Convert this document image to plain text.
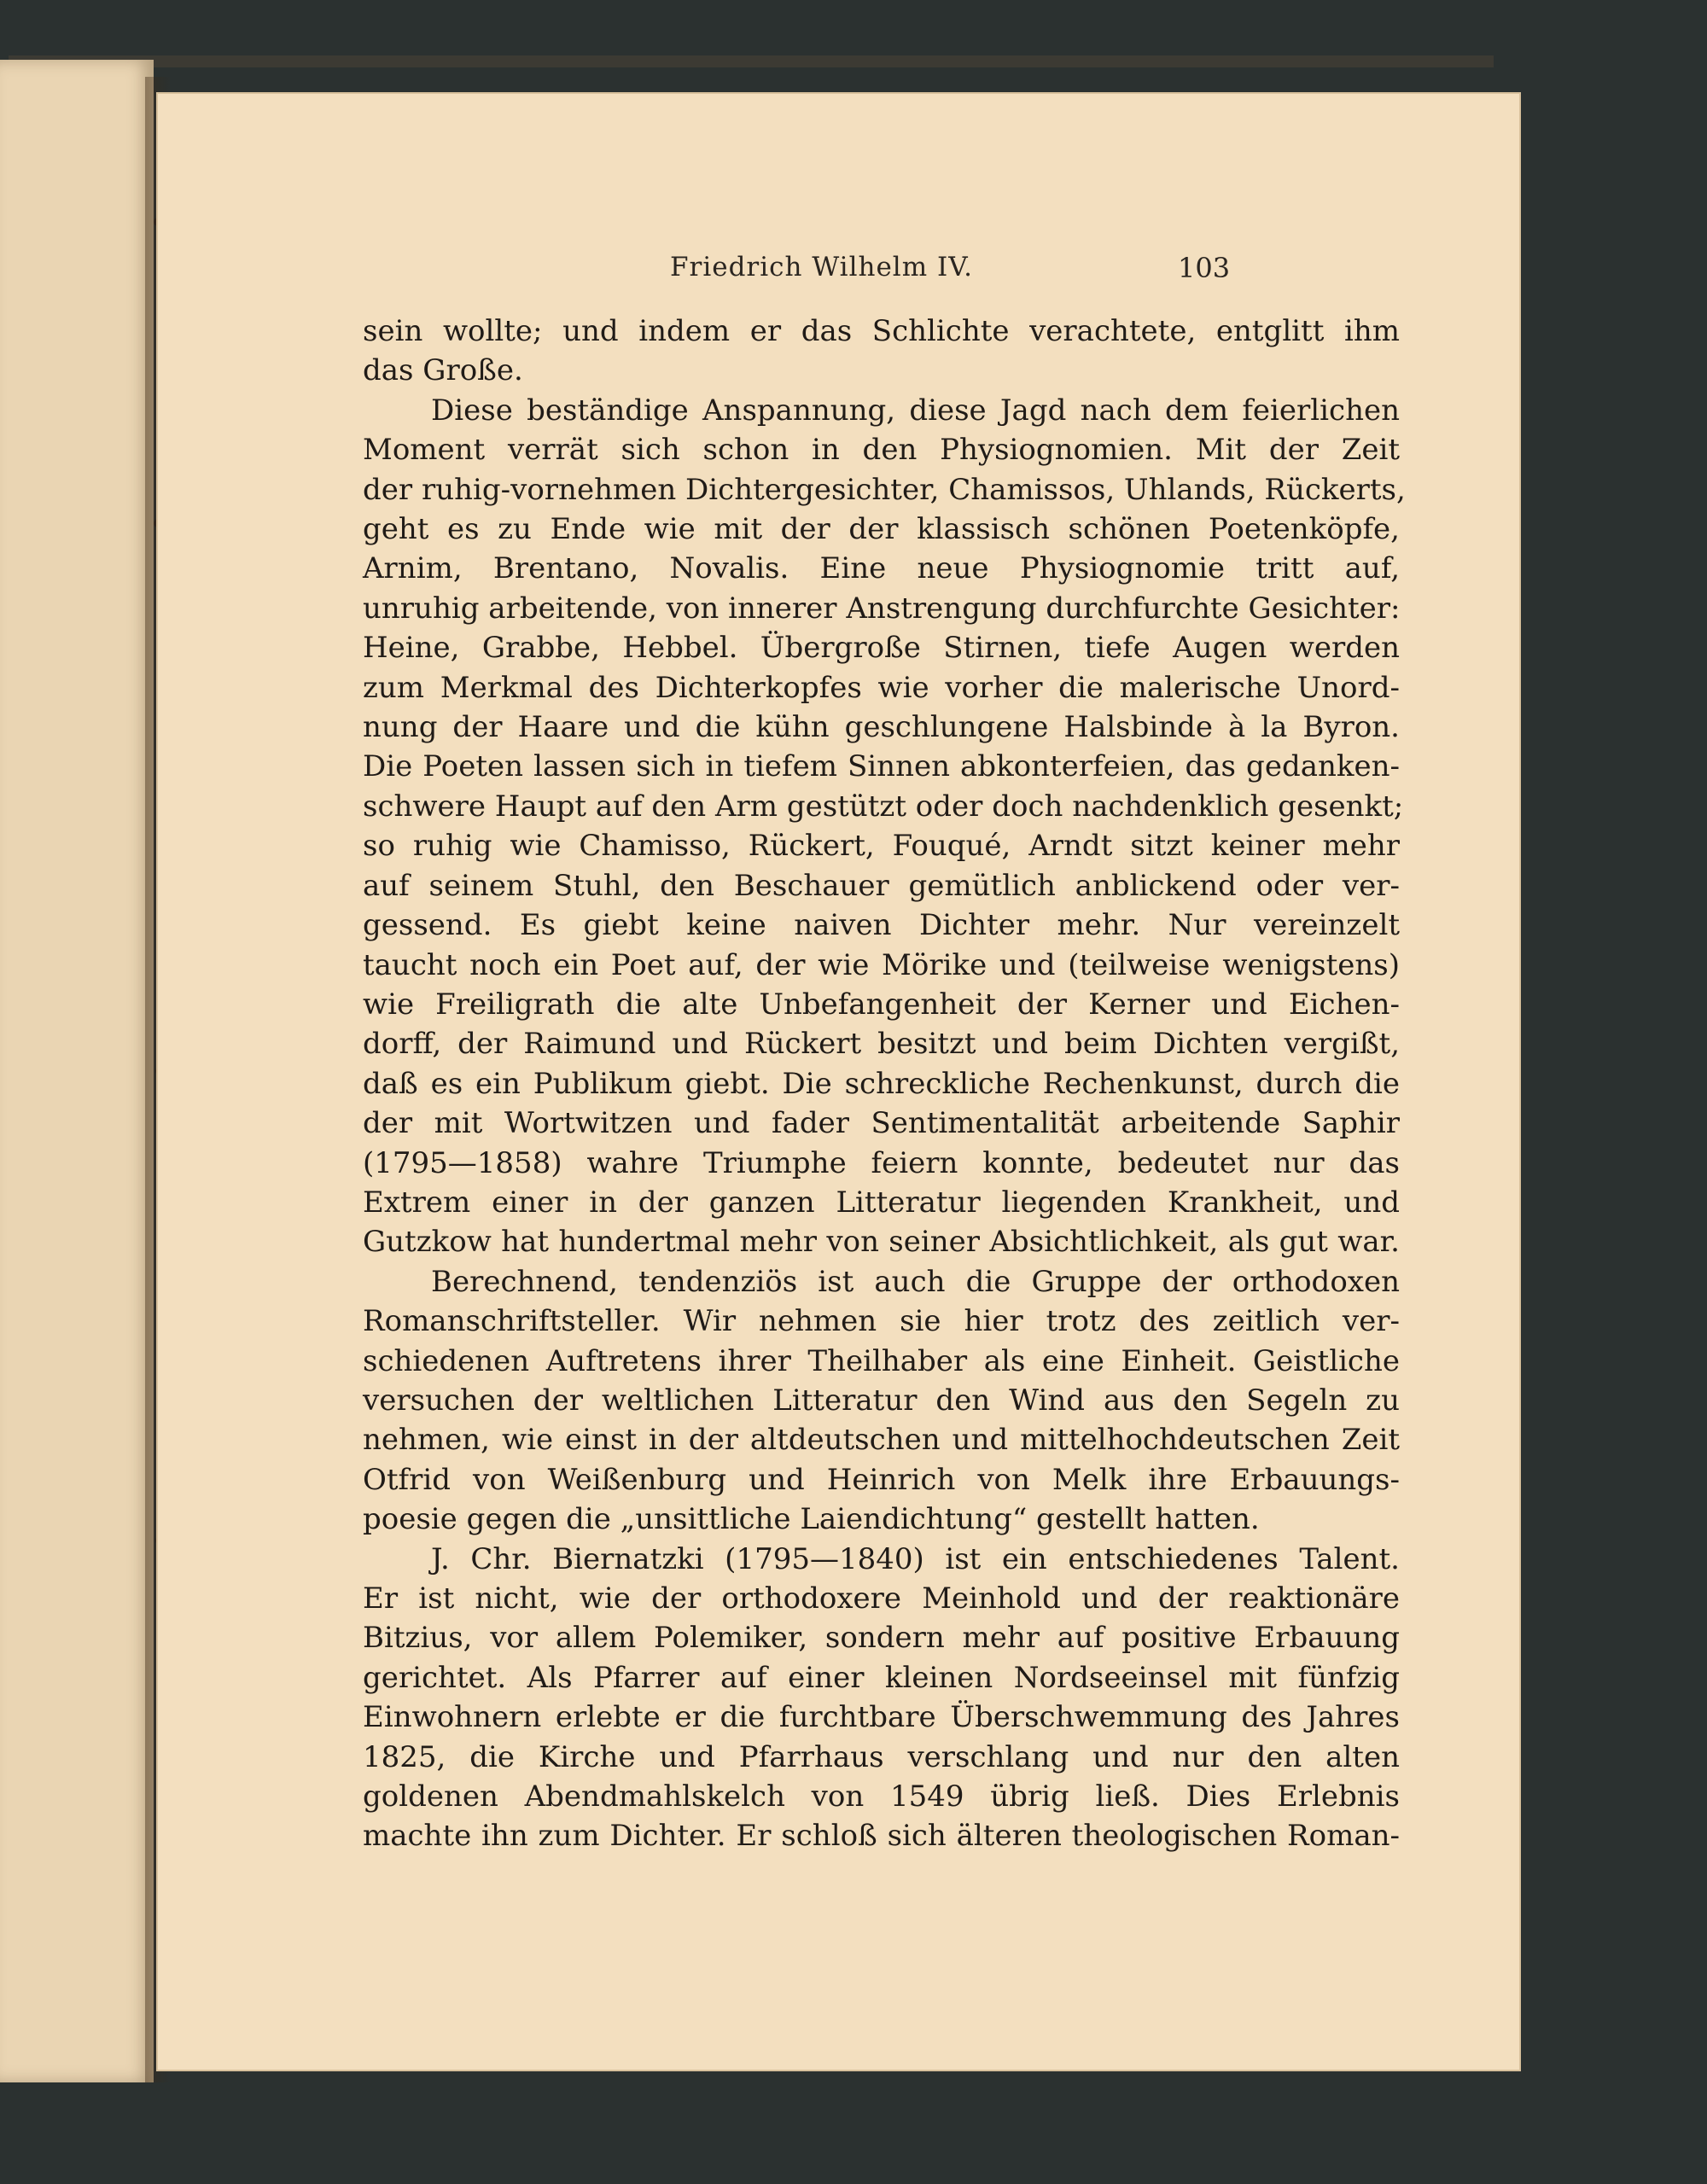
Friedrich Wilhelm IV.	103
sein wollte; und indem er das Schlichte verachtete, entglitt ihm
das Große.
Diese beständige Anspannung, diese Jagd nach dem feierlichen
Moment verrät sich schon in den Physiognomien. Mit der Zeit
der ruhig-vornehmen Dichtergesichter, Chamissos, Uhlands, Rückerts,
geht es zu Ende wie mit der der klassisch schönen Poetenköpfe,
Arnim, Brentano, Novalis. Eine neue Physiognomie tritt auf,
unruhig arbeitende, von innerer Anstrengung durchfurchte Gesichter:
Heine, Grabbe, Hebbel. Übergroße Stirnen, tiefe Augen werden
zum Merkmal des Dichterkopfes wie vorher die malerische Unord-
nung der Haare und die kühn geschlungene Halsbinde à la Byron.
Die Poeten lassen sich in tiefem Sinnen abkonterfeien, das gedanken-
schwere Haupt auf den Arm gestützt oder doch nachdenklich gesenkt;
so ruhig wie Chamisso, Rückert, Fouqué, Arndt sitzt keiner mehr
auf seinem Stuhl, den Beschauer gemütlich anblickend oder ver-
gessend. Es giebt keine naiven Dichter mehr. Nur vereinzelt
taucht noch ein Poet auf, der wie Mörike und (teilweise wenigstens)
wie Freiligrath die alte Unbefangenheit der Kerner und Eichen-
dorff, der Raimund und Rückert besitzt und beim Dichten vergißt,
daß es ein Publikum giebt. Die schreckliche Rechenkunst, durch die
der mit Wortwitzen und fader Sentimentalität arbeitende Saphir
(1795—1858) wahre Triumphe feiern konnte, bedeutet nur das
Extrem einer in der ganzen Litteratur liegenden Krankheit, und
Gutzkow hat hundertmal mehr von seiner Absichtlichkeit, als gut war.
Berechnend, tendenziös ist auch die Gruppe der orthodoxen
Romanschriftsteller. Wir nehmen sie hier trotz des zeitlich ver-
schiedenen Auftretens ihrer Theilhaber als eine Einheit. Geistliche
versuchen der weltlichen Litteratur den Wind aus den Segeln zu
nehmen, wie einst in der altdeutschen und mittelhochdeutschen Zeit
Otfrid von Weißenburg und Heinrich von Melk ihre Erbauungs-
poesie gegen die „unsittliche Laiendichtung“ gestellt hatten.
J. Chr. Biernatzki (1795—1840) ist ein entschiedenes Talent.
Er ist nicht, wie der orthodoxere Meinhold und der reaktionäre
Bitzius, vor allem Polemiker, sondern mehr auf positive Erbauung
gerichtet. Als Pfarrer auf einer kleinen Nordseeinsel mit fünfzig
Einwohnern erlebte er die furchtbare Überschwemmung des Jahres
1825, die Kirche und Pfarrhaus verschlang und nur den alten
goldenen Abendmahlskelch von 1549 übrig ließ. Dies Erlebnis
machte ihn zum Dichter. Er schloß sich älteren theologischen Roman-
